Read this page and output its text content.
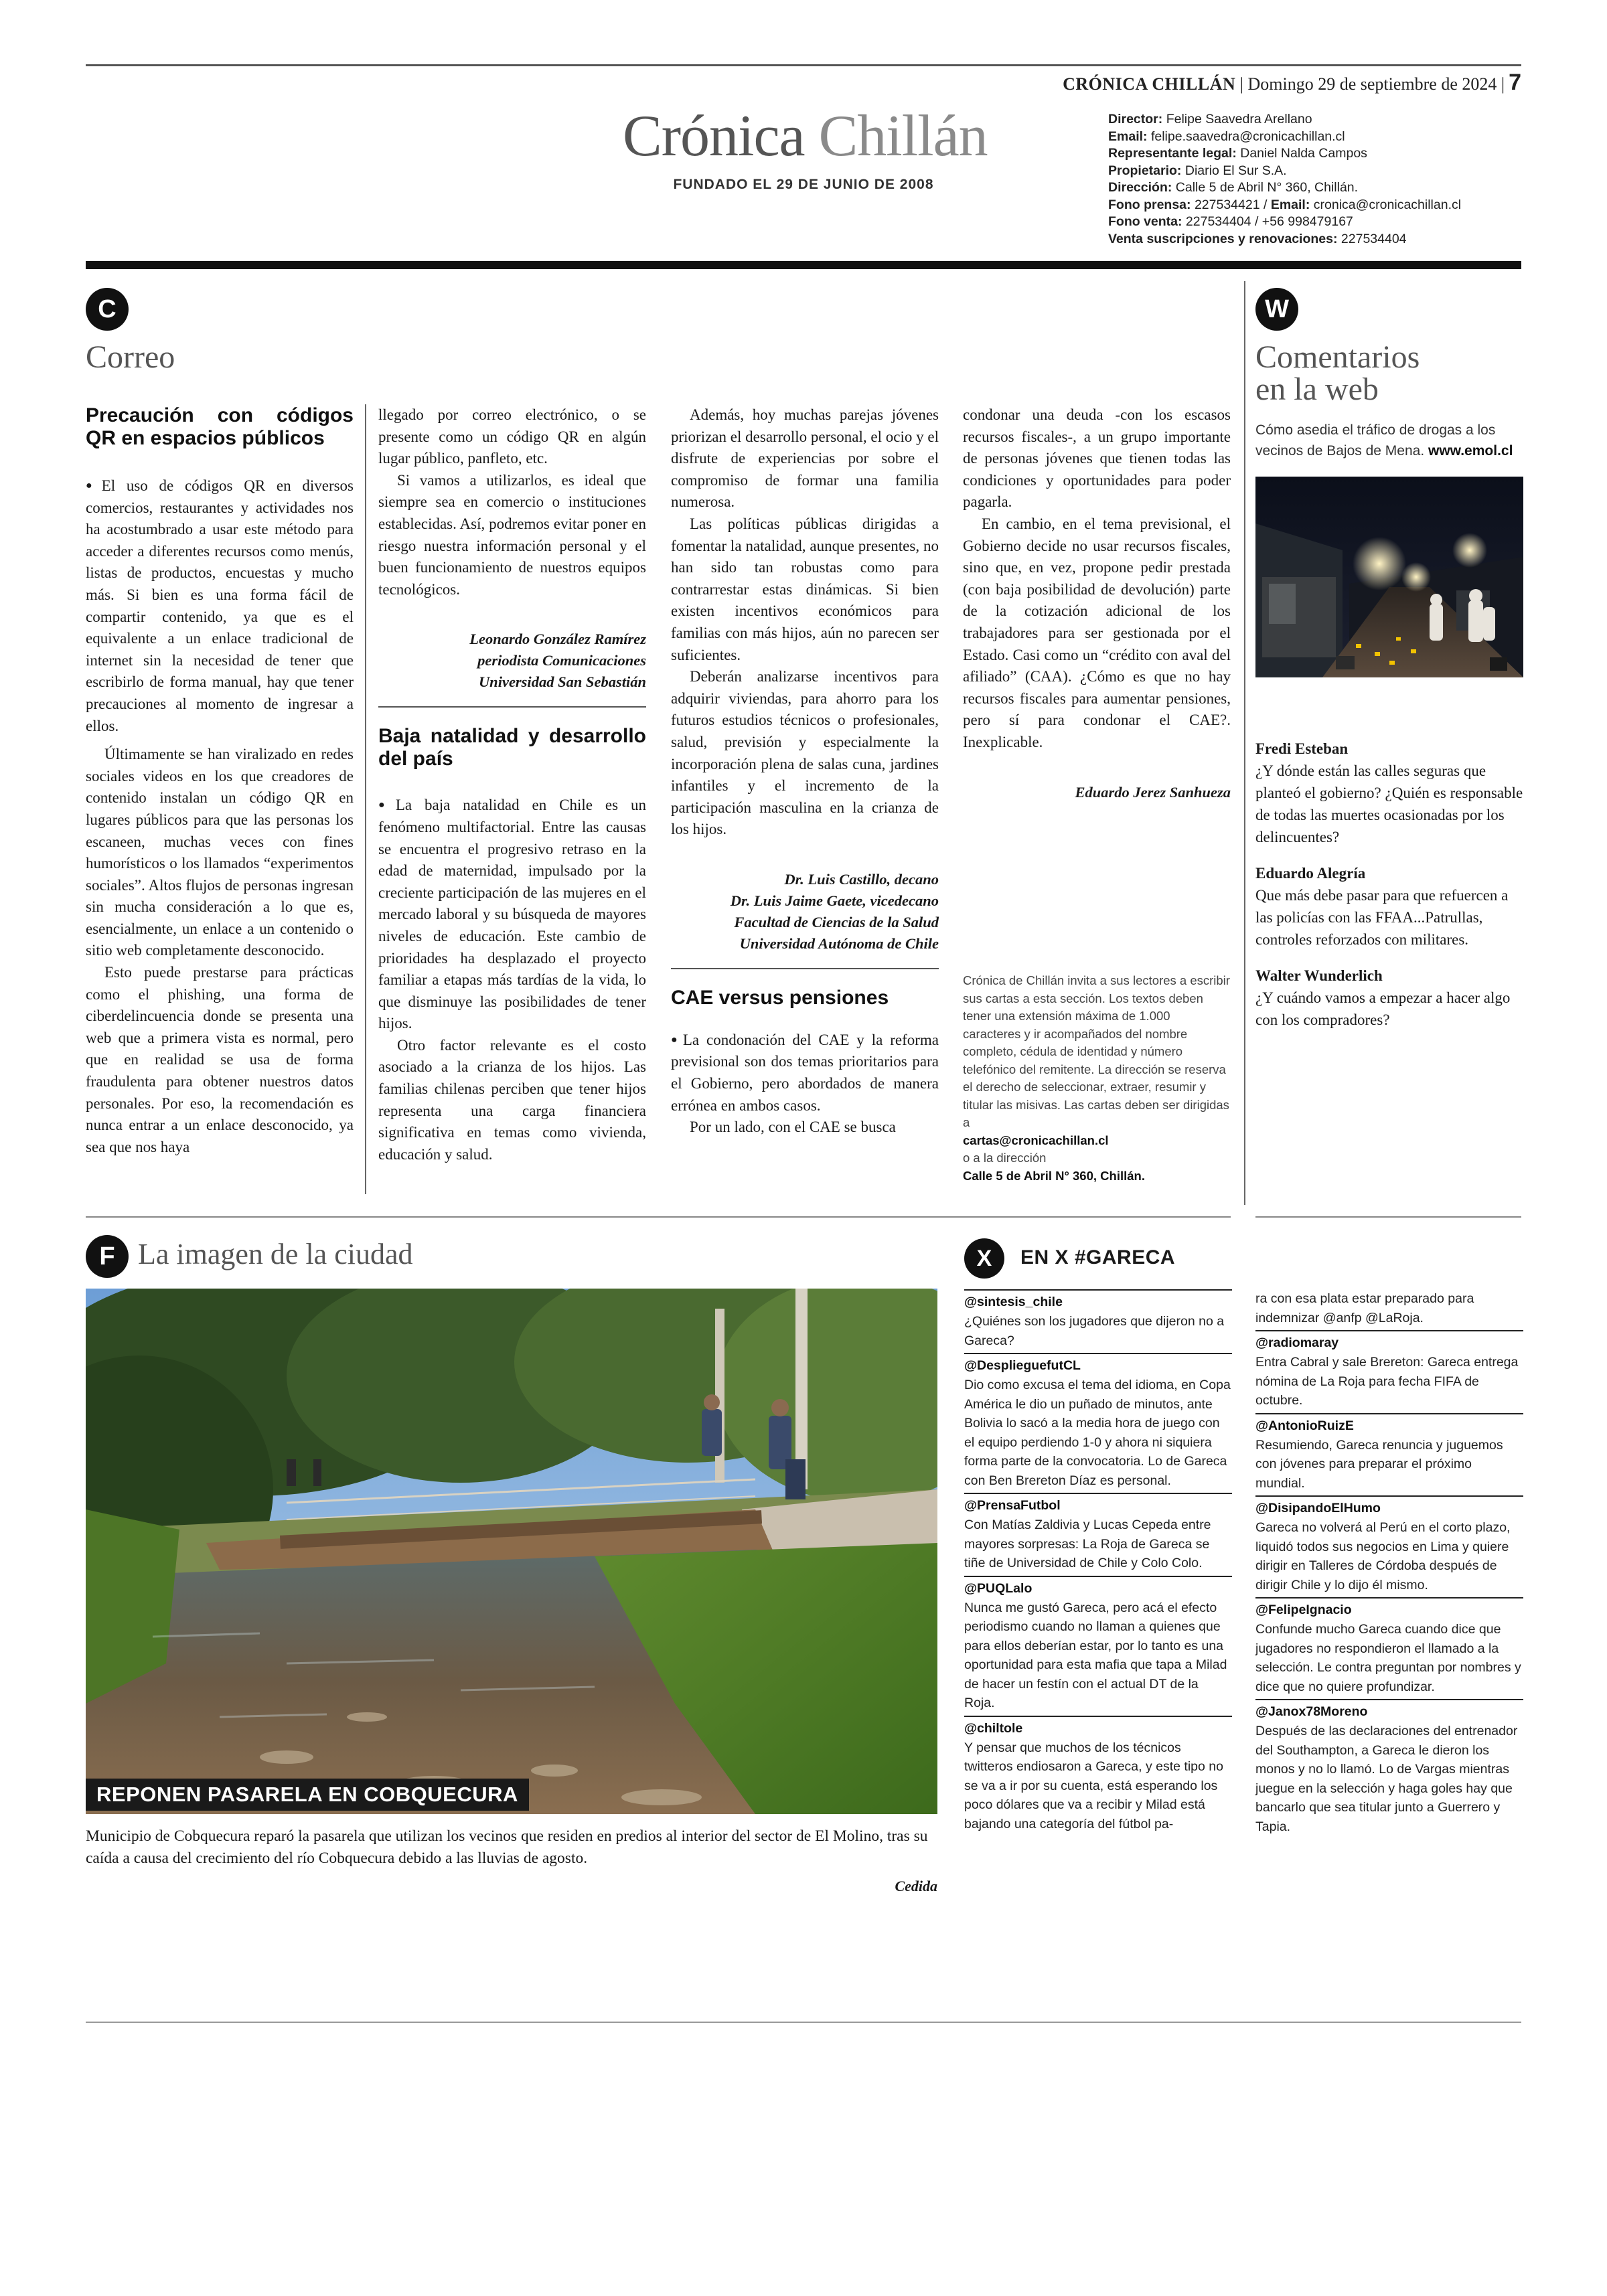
CRÓNICA CHILLÁN | Domingo 29 de septiembre de 2024 | 7
Crónica Chillán
FUNDADO EL 29 DE JUNIO DE 2008
Director: Felipe Saavedra Arellano
Email: felipe.saavedra@cronicachillan.cl
Representante legal: Daniel Nalda Campos
Propietario: Diario El Sur S.A.
Dirección: Calle 5 de Abril N° 360, Chillán.
Fono prensa: 227534421 / Email: cronica@cronicachillan.cl
Fono venta: 227534404 / +56 998479167
Venta suscripciones y renovaciones: 227534404
C
Correo
Precaución con códigos QR en espacios públicos

● El uso de códigos QR en diversos comercios, restaurantes y actividades nos ha acostumbrado a usar este método para acceder a diferentes recursos como menús, listas de productos, encuestas y mucho más. Si bien es una forma fácil de compartir contenido, ya que es el equivalente a un enlace tradicional de internet sin la necesidad de tener que escribirlo de forma manual, hay que tener precauciones al momento de ingresar a ellos.

Últimamente se han viralizado en redes sociales videos en los que creadores de contenido instalan un código QR en lugares públicos para que las personas los escaneen, muchas veces con fines humorísticos o los llamados “experimentos sociales”. Altos flujos de personas ingresan sin mucha consideración a lo que es, esencialmente, un enlace a un contenido o sitio web completamente desconocido.

Esto puede prestarse para prácticas como el phishing, una forma de ciberdelincuencia donde se presenta una web que a primera vista es normal, pero que en realidad se usa de forma fraudulenta para obtener nuestros datos personales. Por eso, la recomendación es nunca entrar a un enlace desconocido, ya sea que nos haya

llegado por correo electrónico, o se presente como un código QR en algún lugar público, panfleto, etc.

Si vamos a utilizarlos, es ideal que siempre sea en comercio o instituciones establecidas. Así, podremos evitar poner en riesgo nuestra información personal y el buen funcionamiento de nuestros equipos tecnológicos.

Leonardo González Ramírez
periodista Comunicaciones
Universidad San Sebastián
Baja natalidad y desarrollo del país

● La baja natalidad en Chile es un fenómeno multifactorial. Entre las causas se encuentra el progresivo retraso en la edad de maternidad, impulsado por la creciente participación de las mujeres en el mercado laboral y su búsqueda de mayores niveles de educación. Este cambio de prioridades ha desplazado el proyecto familiar a etapas más tardías de la vida, lo que disminuye las posibilidades de tener hijos.

Otro factor relevante es el costo asociado a la crianza de los hijos. Las familias chilenas perciben que tener hijos representa una carga financiera significativa en temas como vivienda, educación y salud.

Además, hoy muchas parejas jóvenes priorizan el desarrollo personal, el ocio y el disfrute de experiencias por sobre el compromiso de formar una familia numerosa.

Las políticas públicas dirigidas a fomentar la natalidad, aunque presentes, no han sido tan robustas como para contrarrestar estas dinámicas. Si bien existen incentivos económicos para familias con más hijos, aún no parecen ser suficientes.

Deberán analizarse incentivos para adquirir viviendas, para ahorro para los futuros estudios técnicos o profesionales, salud, previsión y especialmente la incorporación plena de salas cuna, jardines infantiles y el incremento de la participación masculina en la crianza de los hijos.

Dr. Luis Castillo, decano
Dr. Luis Jaime Gaete, vicedecano
Facultad de Ciencias de la Salud
Universidad Autónoma de Chile
CAE versus pensiones

● La condonación del CAE y la reforma previsional son dos temas prioritarios para el Gobierno, pero abordados de manera errónea en ambos casos.

Por un lado, con el CAE se busca

condonar una deuda -con los escasos recursos fiscales-, a un grupo importante de personas jóvenes que tienen todas las condiciones y oportunidades para poder pagarla.

En cambio, en el tema previsional, el Gobierno decide no usar recursos fiscales, sino que, en vez, propone pedir prestada (con baja posibilidad de devolución) parte de la cotización adicional de los trabajadores para ser gestionada por el Estado. Casi como un “crédito con aval del afiliado” (CAA). ¿Cómo es que no hay recursos fiscales para aumentar pensiones, pero sí para condonar el CAE?. Inexplicable.

Eduardo Jerez Sanhueza
Crónica de Chillán invita a sus lectores a escribir sus cartas a esta sección. Los textos deben tener una extensión máxima de 1.000 caracteres y ir acompañados del nombre completo, cédula de identidad y número telefónico del remitente. La dirección se reserva el derecho de seleccionar, extraer, resumir y titular las misivas. Las cartas deben ser dirigidas a
cartas@cronicachillan.cl
o a la dirección
Calle 5 de Abril N° 360, Chillán.
W
Comentarios
en la web
Cómo asedia el tráfico de drogas a los vecinos de Bajos de Mena. www.emol.cl
Fredi Esteban
¿Y dónde están las calles seguras que planteó el gobierno? ¿Quién es responsable de todas las muertes ocasionadas por los delincuentes?
Eduardo Alegría
Que más debe pasar para que refuercen a las policías con las FFAA...Patrullas, controles reforzados con militares.
Walter Wunderlich
¿Y cuándo vamos a empezar a hacer algo con los compradores?
F La imagen de la ciudad
REPONEN PASARELA EN COBQUECURA
Municipio de Cobquecura reparó la pasarela que utilizan los vecinos que residen en predios al interior del sector de El Molino, tras su caída a causa del crecimiento del río Cobquecura debido a las lluvias de agosto.
Cedida
X	EN X #GARECA
@sintesis_chile
¿Quiénes son los jugadores que dijeron no a Gareca?
@DesplieguefutCL
Dio como excusa el tema del idioma, en Copa América le dio un puñado de minutos, ante Bolivia lo sacó a la media hora de juego con el equipo perdiendo 1-0 y ahora ni siquiera forma parte de la convocatoria. Lo de Gareca con Ben Brereton Díaz es personal.
@PrensaFutbol
Con Matías Zaldivia y Lucas Cepeda entre mayores sorpresas: La Roja de Gareca se tiñe de Universidad de Chile y Colo Colo.
@PUQLalo
Nunca me gustó Gareca, pero acá el efecto periodismo cuando no llaman a quienes que para ellos deberían estar, por lo tanto es una oportunidad para esta mafia que tapa a Milad de hacer un festín con el actual DT de la Roja.
@chiltole
Y pensar que muchos de los técnicos twitteros endiosaron a Gareca, y este tipo no se va a ir por su cuenta, está esperando los poco dólares que va a recibir y Milad está bajando una categoría del fútbol pa-
ra con esa plata estar preparado para indemnizar @anfp @LaRoja.
@radiomaray
Entra Cabral y sale Brereton: Gareca entrega nómina de La Roja para fecha FIFA de octubre.
@AntonioRuizE
Resumiendo, Gareca renuncia y juguemos con jóvenes para preparar el próximo mundial.
@DisipandoElHumo
Gareca no volverá al Perú en el corto plazo, liquidó todos sus negocios en Lima y quiere dirigir en Talleres de Córdoba después de dirigir Chile y lo dijo él mismo.
@FelipeIgnacio
Confunde mucho Gareca cuando dice que jugadores no respondieron el llamado a la selección. Le contra preguntan por nombres y dice que no quiere profundizar.
@Janox78Moreno
Después de las declaraciones del entrenador del Southampton, a Gareca le dieron los monos y no lo llamó. Lo de Vargas mientras juegue en la selección y haga goles hay que bancarlo que sea titular junto a Guerrero y Tapia.
